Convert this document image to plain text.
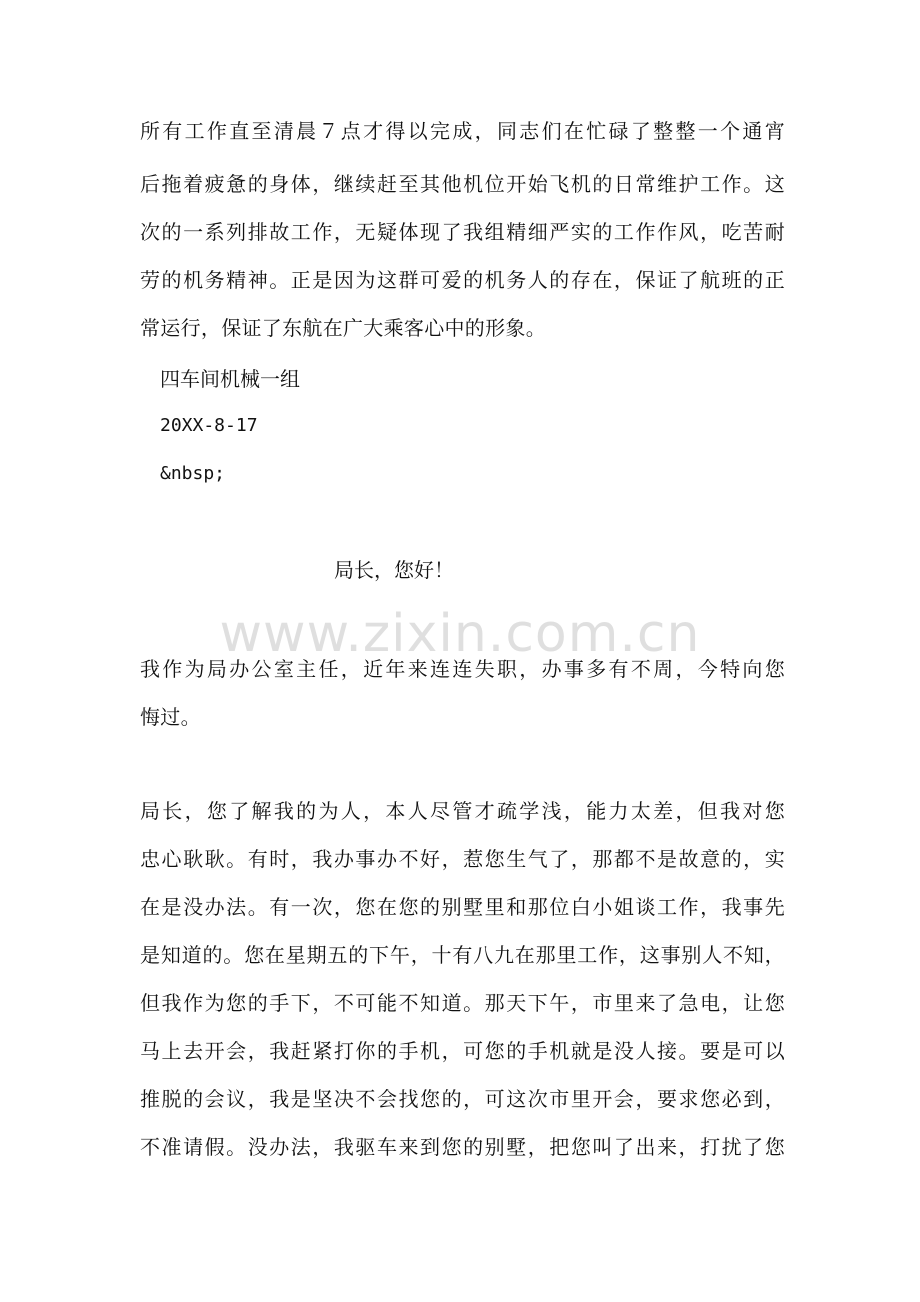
所有工作直至清晨７点才得以完成，同志们在忙碌了整整一个通宵
后拖着疲惫的身体，继续赶至其他机位开始飞机的日常维护工作。这
次的一系列排故工作，无疑体现了我组精细严实的工作作风，吃苦耐
劳的机务精神。正是因为这群可爱的机务人的存在，保证了航班的正
常运行，保证了东航在广大乘客心中的形象。
四车间机械一组
20XX-8-17
&nbsp;
局长，您好！
www.zixin.com.cn
我作为局办公室主任，近年来连连失职，办事多有不周，今特向您
悔过。
局长，您了解我的为人，本人尽管才疏学浅，能力太差，但我对您
忠心耿耿。有时，我办事办不好，惹您生气了，那都不是故意的，实
在是没办法。有一次，您在您的别墅里和那位白小姐谈工作，我事先
是知道的。您在星期五的下午，十有八九在那里工作，这事别人不知，
但我作为您的手下，不可能不知道。那天下午，市里来了急电，让您
马上去开会，我赶紧打你的手机，可您的手机就是没人接。要是可以
推脱的会议，我是坚决不会找您的，可这次市里开会，要求您必到，
不准请假。没办法，我驱车来到您的别墅，把您叫了出来，打扰了您
